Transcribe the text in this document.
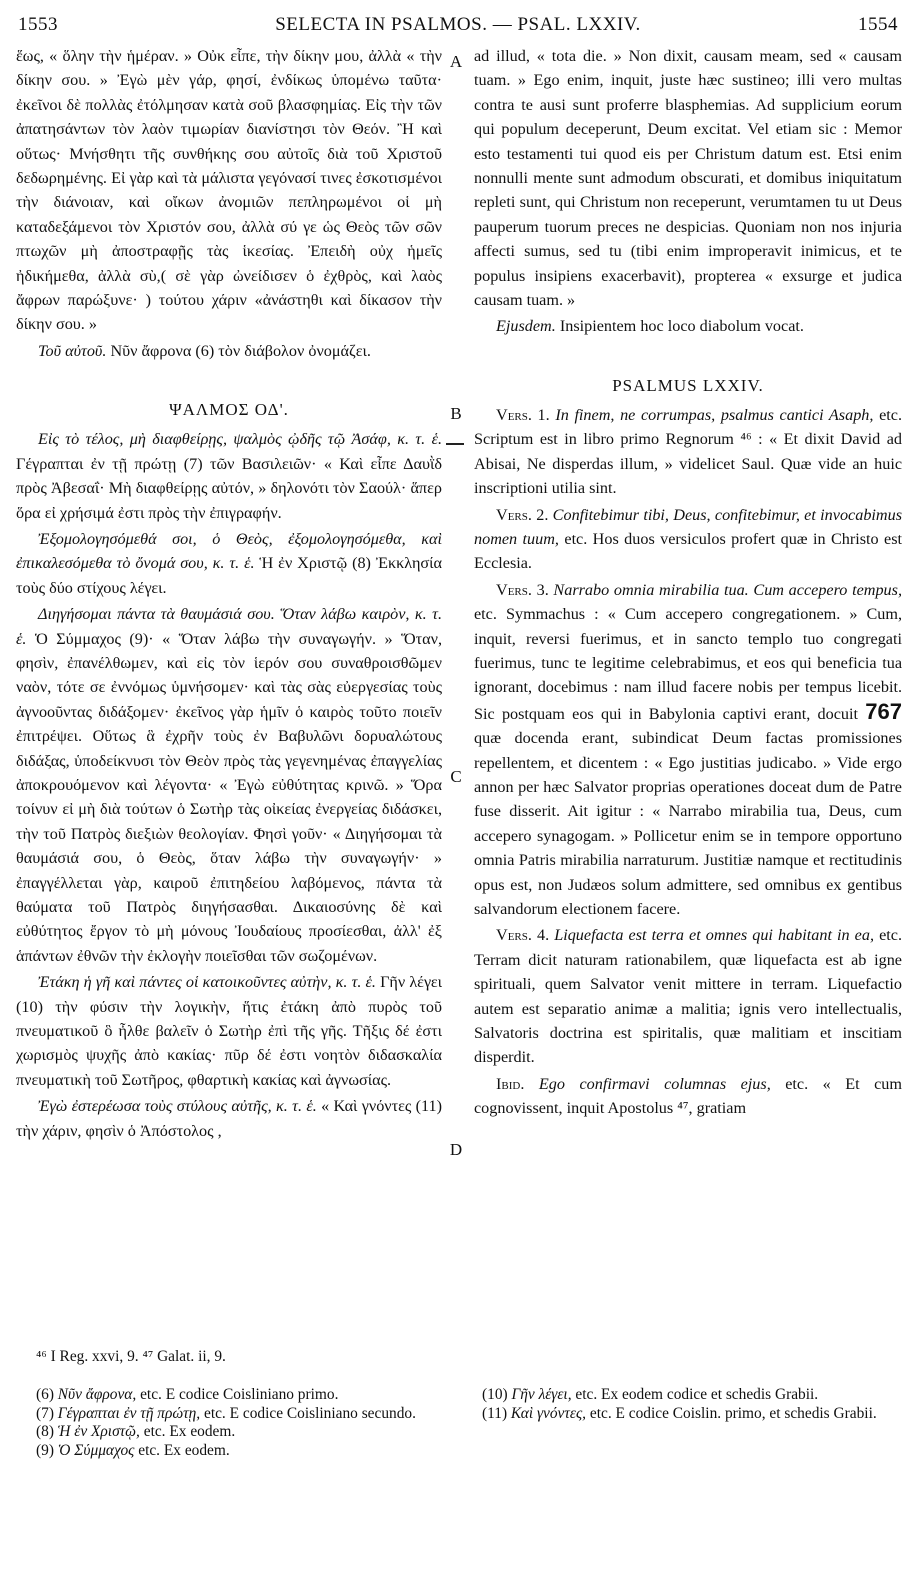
1553	SELECTA IN PSALMOS. — PSAL. LXXIV.	1554
A
B
C
D

ἕως, « ὅλην τὴν ἡμέραν. » Οὐκ εἶπε, τὴν δίκην μου, ἀλλὰ « τὴν δίκην σου. » Ἐγὼ μὲν γάρ, φησί, ἐνδίκως ὑπομένω ταῦτα· ἐκεῖνοι δὲ πολλὰς ἐτόλμησαν κατὰ σοῦ βλασφημίας. Εἰς τὴν τῶν ἀπατησάντων τὸν λαὸν τιμωρίαν διανίστησι τὸν Θεόν. Ἢ καὶ οὕτως· Μνήσθητι τῆς συνθήκης σου αὐτοῖς διὰ τοῦ Χριστοῦ δεδωρημένης. Εἰ γὰρ καὶ τὰ μάλιστα γεγόνασί τινες ἐσκοτισμένοι τὴν διάνοιαν, καὶ οἴκων ἀνομιῶν πεπληρωμένοι οἱ μὴ καταδεξάμενοι τὸν Χριστόν σου, ἀλλὰ σύ γε ὡς Θεὸς τῶν σῶν πτωχῶν μὴ ἀποστραφῇς τὰς ἱκεσίας. Ἐπειδὴ οὐχ ἡμεῖς ἠδικήμεθα, ἀλλὰ σὺ,( σὲ γὰρ ὠνείδισεν ὁ ἐχθρὸς, καὶ λαὸς ἄφρων παρώξυνε· ) τούτου χάριν «ἀνάστηθι καὶ δίκασον τὴν δίκην σου. »

Τοῦ αὐτοῦ. Νῦν ἄφρονα (6) τὸν διάβολον ὀνομάζει.

ΨΑΛΜΟΣ ΟΔ'.

Εἰς τὸ τέλος, μὴ διαφθείρῃς, ψαλμὸς ᾠδῆς τῷ Ἀσάφ, κ. τ. ἑ. Γέγραπται ἐν τῇ πρώτῃ (7) τῶν Βασιλειῶν· « Καὶ εἶπε Δαυῒδ πρὸς Ἀβεσαΐ· Μὴ διαφθείρῃς αὐτόν, » δηλονότι τὸν Σαούλ· ἅπερ ὅρα εἰ χρήσιμά ἐστι πρὸς τὴν ἐπιγραφήν.

Ἐξομολογησόμεθά σοι, ὁ Θεὸς, ἐξομολογησόμεθα, καὶ ἐπικαλεσόμεθα τὸ ὄνομά σου, κ. τ. ἑ. Ἡ ἐν Χριστῷ (8) Ἐκκλησία τοὺς δύο στίχους λέγει.

Διηγήσομαι πάντα τὰ θαυμάσιά σου. Ὅταν λάβω καιρὸν, κ. τ. ἑ. Ὁ Σύμμαχος (9)· « Ὅταν λάβω τὴν συναγωγήν. » Ὅταν, φησὶν, ἐπανέλθωμεν, καὶ εἰς τὸν ἱερόν σου συναθροισθῶμεν ναὸν, τότε σε ἐννόμως ὑμνήσομεν· καὶ τὰς σὰς εὐεργεσίας τοὺς ἀγνοοῦντας διδάξομεν· ἐκεῖνος γὰρ ἡμῖν ὁ καιρὸς τοῦτο ποιεῖν ἐπιτρέψει. Οὕτως ἃ ἐχρῆν τοὺς ἐν Βαβυλῶνι δορυαλώτους διδάξας, ὑποδείκνυσι τὸν Θεὸν πρὸς τὰς γεγενημένας ἐπαγγελίας ἀποκρουόμενον καὶ λέγοντα· « Ἐγὼ εὐθύτητας κρινῶ. » Ὅρα τοίνυν εἰ μὴ διὰ τούτων ὁ Σωτὴρ τὰς οἰκείας ἐνεργείας διδάσκει, τὴν τοῦ Πατρὸς διεξιὼν θεολογίαν. Φησὶ γοῦν· « Διηγήσομαι τὰ θαυμάσιά σου, ὁ Θεὸς, ὅταν λάβω τὴν συναγωγήν· » ἐπαγγέλλεται γὰρ, καιροῦ ἐπιτηδείου λαβόμενος, πάντα τὰ θαύματα τοῦ Πατρὸς διηγήσασθαι. Δικαιοσύνης δὲ καὶ εὐθύτητος ἔργον τὸ μὴ μόνους Ἰουδαίους προσίεσθαι, ἀλλ' ἐξ ἁπάντων ἐθνῶν τὴν ἐκλογὴν ποιεῖσθαι τῶν σωζομένων.

Ἐτάκη ἡ γῆ καὶ πάντες οἱ κατοικοῦντες αὐτὴν, κ. τ. ἑ. Γῆν λέγει (10) τὴν φύσιν τὴν λογικὴν, ἥτις ἐτάκη ἀπὸ πυρὸς τοῦ πνευματικοῦ ὃ ἦλθε βαλεῖν ὁ Σωτὴρ ἐπὶ τῆς γῆς. Τῆξις δέ ἐστι χωρισμὸς ψυχῆς ἀπὸ κακίας· πῦρ δέ ἐστι νοητὸν διδασκαλία πνευματικὴ τοῦ Σωτῆρος, φθαρτικὴ κακίας καὶ ἀγνωσίας.

Ἐγὼ ἐστερέωσα τοὺς στύλους αὐτῆς, κ. τ. ἑ. « Καὶ γνόντες (11) τὴν χάριν, φησὶν ὁ Ἀπόστολος ,

ad illud, « tota die. » Non dixit, causam meam, sed « causam tuam. » Ego enim, inquit, juste hæc sustineo; illi vero multas contra te ausi sunt proferre blasphemias. Ad supplicium eorum qui populum deceperunt, Deum excitat. Vel etiam sic : Memor esto testamenti tui quod eis per Christum datum est. Etsi enim nonnulli mente sunt admodum obscurati, et domibus iniquitatum repleti sunt, qui Christum non receperunt, verumtamen tu ut Deus pauperum tuorum preces ne despicias. Quoniam non nos injuria affecti sumus, sed tu (tibi enim improperavit inimicus, et te populus insipiens exacerbavit), propterea « exsurge et judica causam tuam. »

Ejusdem. Insipientem hoc loco diabolum vocat.

PSALMUS LXXIV.

Vers. 1. In finem, ne corrumpas, psalmus cantici Asaph, etc. Scriptum est in libro primo Regnorum ⁴⁶ : « Et dixit David ad Abisai, Ne disperdas illum, » videlicet Saul. Quæ vide an huic inscriptioni utilia sint.

Vers. 2. Confitebimur tibi, Deus, confitebimur, et invocabimus nomen tuum, etc. Hos duos versiculos profert quæ in Christo est Ecclesia.

Vers. 3. Narrabo omnia mirabilia tua. Cum accepero tempus, etc. Symmachus : « Cum accepero congregationem. » Cum, inquit, reversi fuerimus, et in sancto templo tuo congregati fuerimus, tunc te legitime celebrabimus, et eos qui beneficia tua ignorant, docebimus : nam illud facere nobis per tempus licebit. Sic postquam eos qui in Babylonia captivi erant, docuit 767 quæ docenda erant, subindicat Deum factas promissiones repellentem, et dicentem : « Ego justitias judicabo. » Vide ergo annon per hæc Salvator proprias operationes doceat dum de Patre fuse disserit. Ait igitur : « Narrabo mirabilia tua, Deus, cum accepero synagogam. » Pollicetur enim se in tempore opportuno omnia Patris mirabilia narraturum. Justitiæ namque et rectitudinis opus est, non Judæos solum admittere, sed omnibus ex gentibus salvandorum electionem facere.

Vers. 4. Liquefacta est terra et omnes qui habitant in ea, etc. Terram dicit naturam rationabilem, quæ liquefacta est ab igne spirituali, quem Salvator venit mittere in terram. Liquefactio autem est separatio animæ a malitia; ignis vero intellectualis, Salvatoris doctrina est spiritalis, quæ malitiam et inscitiam disperdit.

Ibid. Ego confirmavi columnas ejus, etc. « Et cum cognovissent, inquit Apostolus ⁴⁷, gratiam

⁴⁶ I Reg. xxvi, 9. ⁴⁷ Galat. ii, 9.

(6) Νῦν ἄφρονα, etc. E codice Coisliniano primo.

(7) Γέγραπται ἐν τῇ πρώτῃ, etc. E codice Coisliniano secundo.

(8) Ἡ ἐν Χριστῷ, etc. Ex eodem.

(9) Ὁ Σύμμαχος etc. Ex eodem.

(10) Γῆν λέγει, etc. Ex eodem codice et schedis Grabii.

(11) Καὶ γνόντες, etc. E codice Coislin. primo, et schedis Grabii.
